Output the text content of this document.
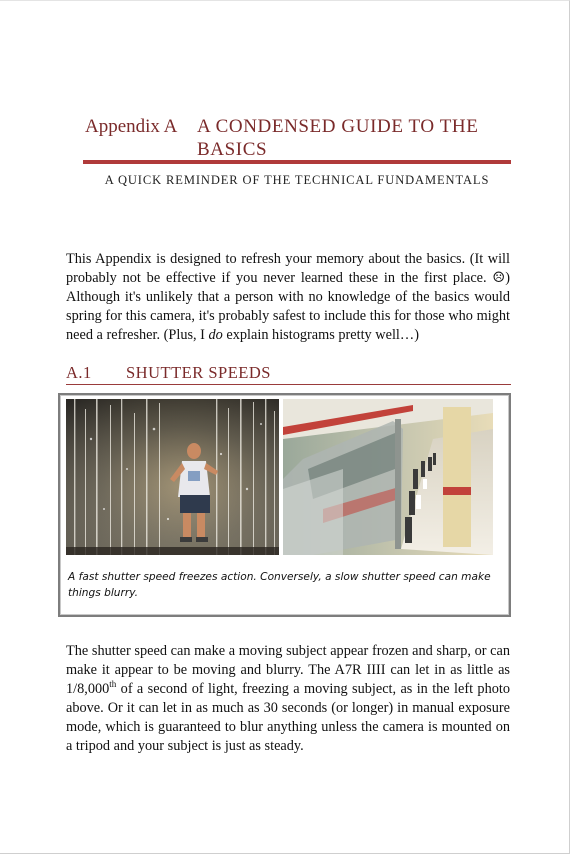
Appendix A	A CONDENSED GUIDE TO THE
BASICS
A QUICK REMINDER OF THE TECHNICAL FUNDAMENTALS

This Appendix is designed to refresh your memory about the basics. (It will probably not be effective if you never learned these in the first place. ☹) Although it's unlikely that a person with no knowledge of the basics would spring for this camera, it's probably safest to include this for those who might need a refresher. (Plus, I do explain histograms pretty well…)

A.1	SHUTTER SPEEDS
A fast shutter speed freezes action. Conversely, a slow shutter speed can make things blurry.

The shutter speed can make a moving subject appear frozen and sharp, or can make it appear to be moving and blurry. The A7R IIII can let in as little as 1/8,000th of a second of light, freezing a moving subject, as in the left photo above. Or it can let in as much as 30 seconds (or longer) in manual exposure mode, which is guaranteed to blur anything unless the camera is mounted on a tripod and your subject is just as steady.
